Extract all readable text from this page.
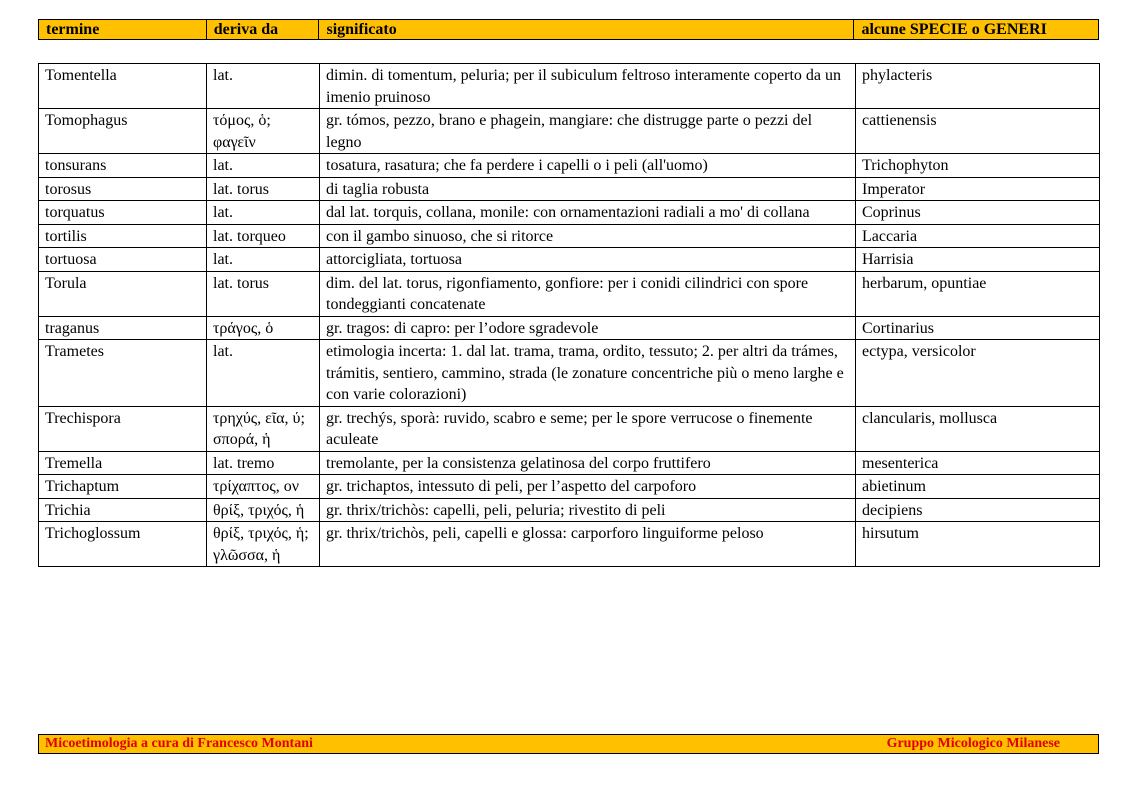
termine	deriva da	significato	alcune SPECIE o GENERI
Tomentella	lat.	dimin. di tomentum, peluria; per il subiculum feltroso interamente coperto da un imenio pruinoso	phylacteris
Tomophagus	τόμος, ὁ; φαγεῖν	gr. tómos, pezzo, brano e phagein, mangiare: che distrugge parte o pezzi del legno	cattienensis
tonsurans	lat.	tosatura, rasatura; che fa perdere i capelli o i peli (all'uomo)	Trichophyton
torosus	lat. torus	di taglia robusta	Imperator
torquatus	lat.	dal lat. torquis, collana, monile: con ornamentazioni radiali a mo' di collana	Coprinus
tortilis	lat. torqueo	con il gambo sinuoso, che si ritorce	Laccaria
tortuosa	lat.	attorcigliata, tortuosa	Harrisia
Torula	lat. torus	dim. del lat. torus, rigonfiamento, gonfiore: per i conidi cilindrici con spore tondeggianti concatenate	herbarum, opuntiae
traganus	τράγος, ὁ	gr. tragos: di capro: per l’odore sgradevole	Cortinarius
Trametes	lat.	etimologia incerta: 1. dal lat. trama, trama, ordito, tessuto; 2. per altri da trámes, trámitis, sentiero, cammino, strada (le zonature concentriche più o meno larghe e con varie colorazioni)	ectypa, versicolor
Trechispora	τρηχύς, εῖα, ύ; σπορά, ἡ	gr. trechýs, sporà: ruvido, scabro e seme; per le spore verrucose o finemente aculeate	clancularis, mollusca
Tremella	lat. tremo	tremolante, per la consistenza gelatinosa del corpo fruttifero	mesenterica
Trichaptum	τρίχαπτος, ον	gr. trichaptos, intessuto di peli, per l’aspetto del carpoforo	abietinum
Trichia	θρίξ, τριχός, ἡ	gr. thrix/trichòs: capelli, peli, peluria; rivestito di peli	decipiens
Trichoglossum	θρίξ, τριχός, ἡ; γλῶσσα, ἡ	gr. thrix/trichòs, peli, capelli e glossa: carporforo linguiforme peloso	hirsutum
Micoetimologia a cura di Francesco Montani	Gruppo Micologico Milanese
